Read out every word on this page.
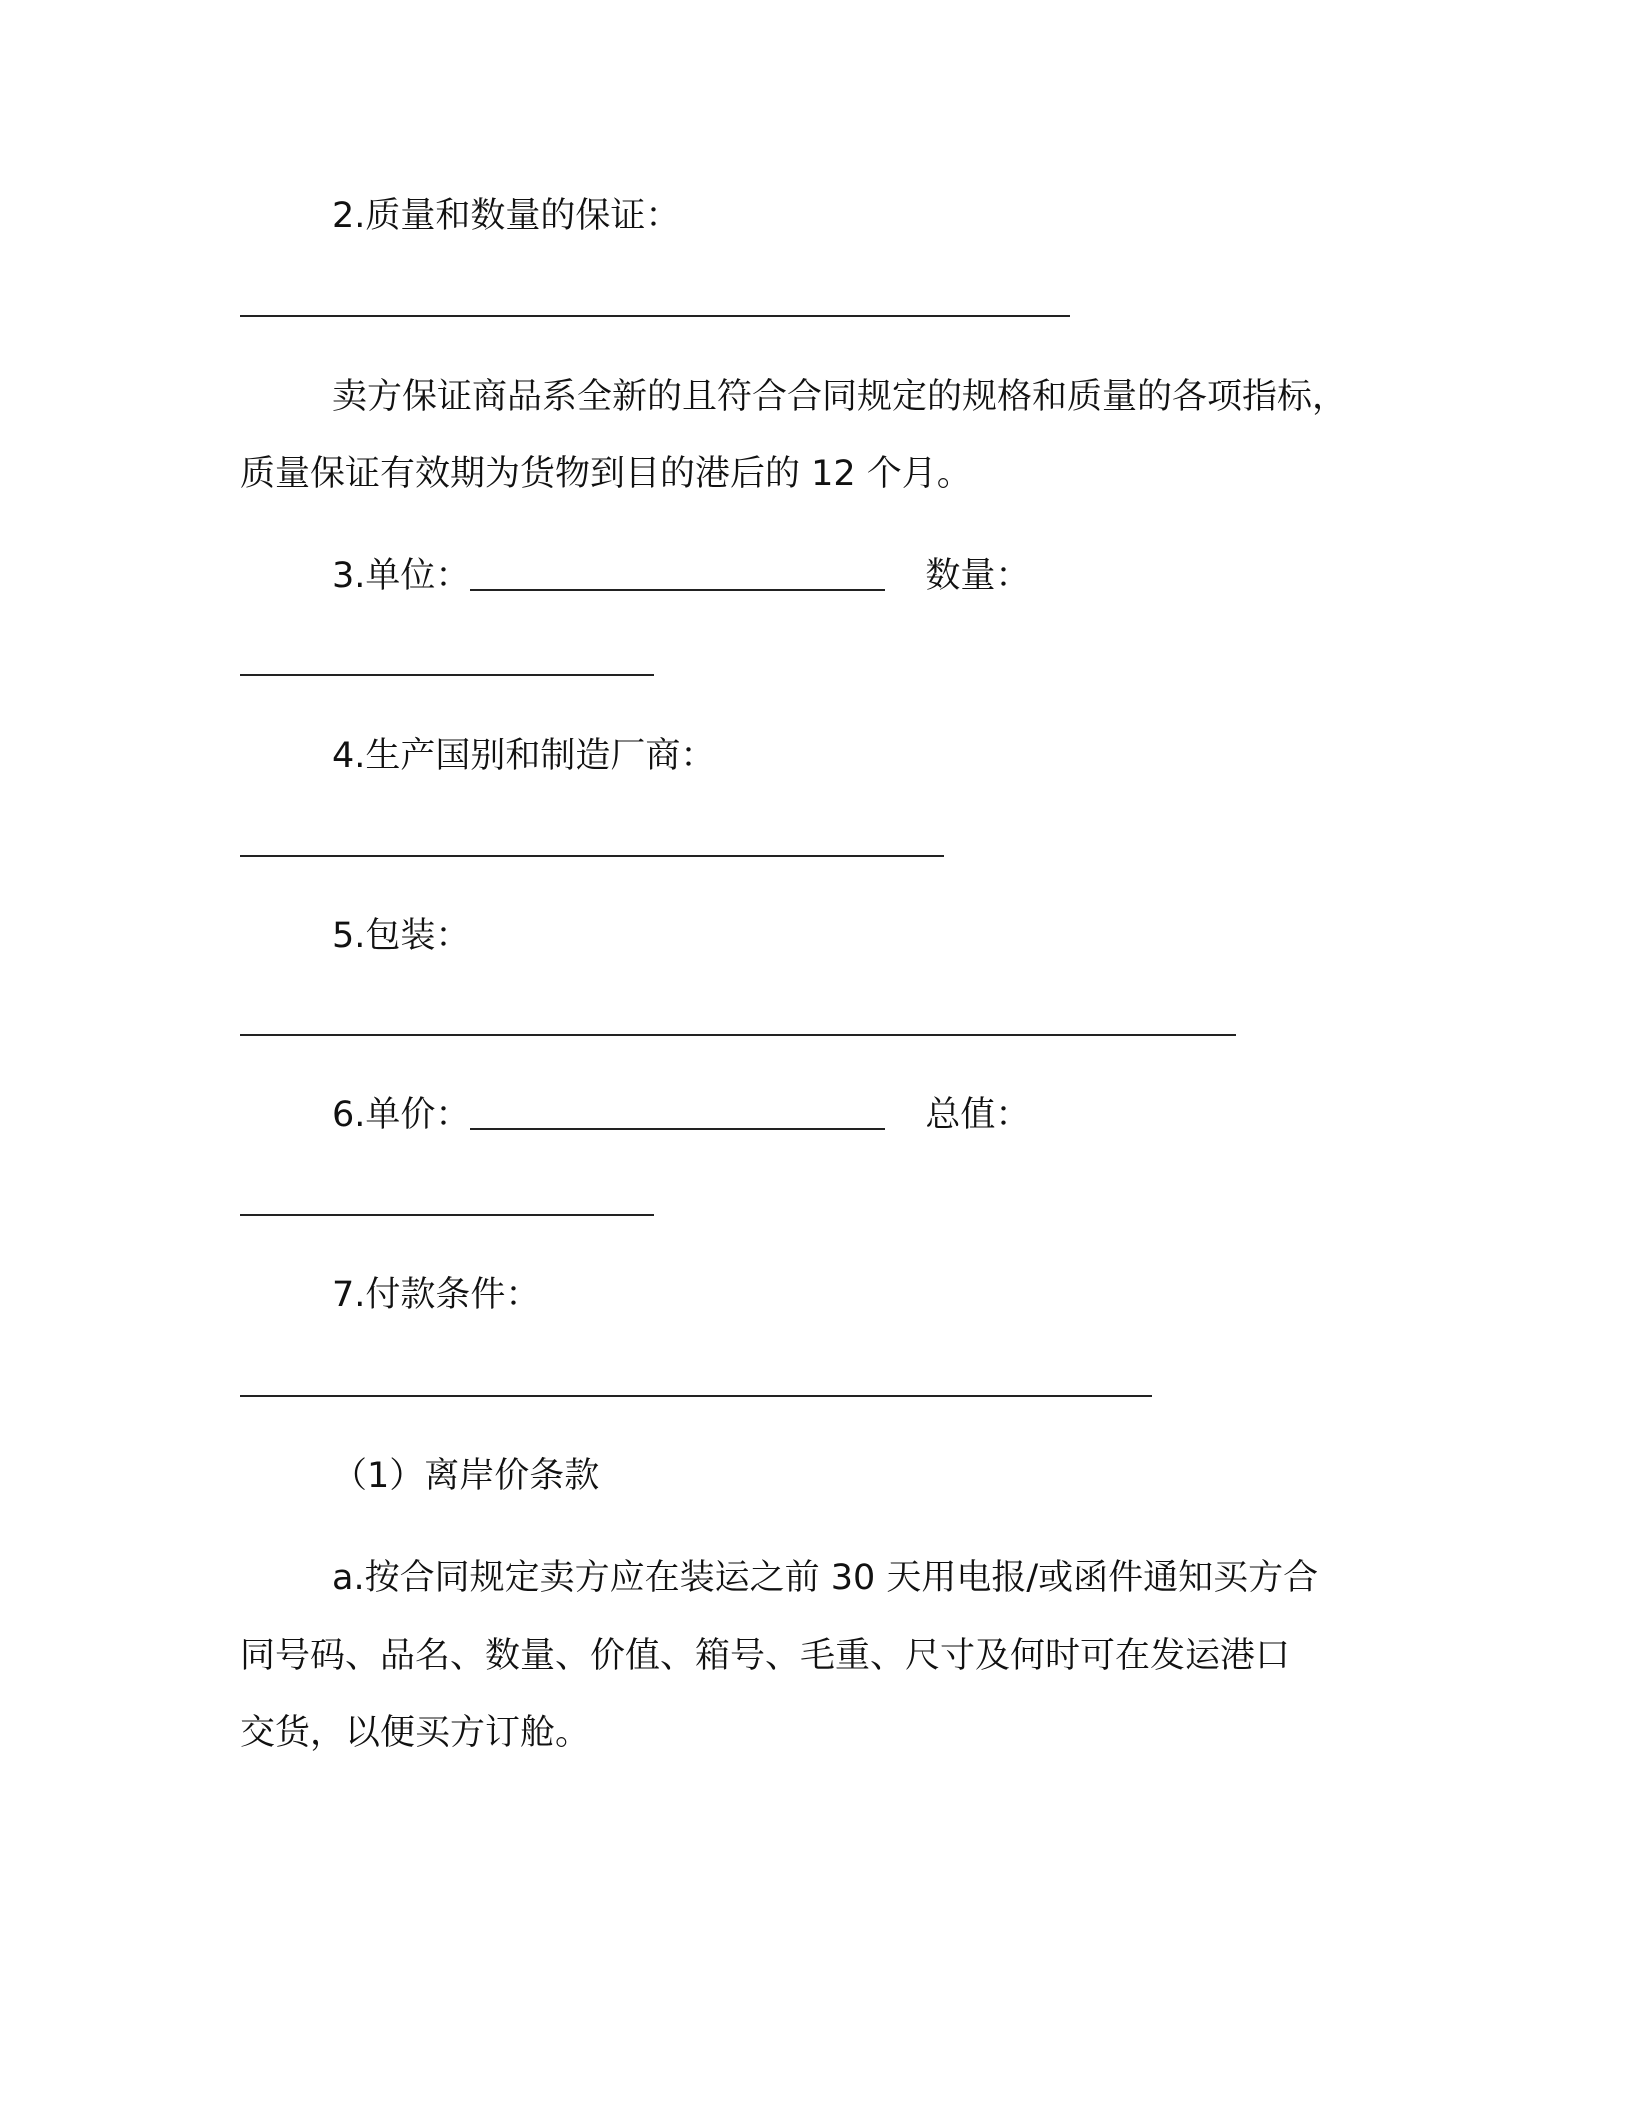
2.质量和数量的保证：
卖方保证商品系全新的且符合合同规定的规格和质量的各项指标，
质量保证有效期为货物到目的港后的 12 个月。
3.单位：	数量：
4.生产国别和制造厂商：
5.包装：
6.单价：	总值：
7.付款条件：
（1）离岸价条款
a.按合同规定卖方应在装运之前 30 天用电报/或函件通知买方合
同号码、品名、数量、价值、箱号、毛重、尺寸及何时可在发运港口
交货，以便买方订舱。
